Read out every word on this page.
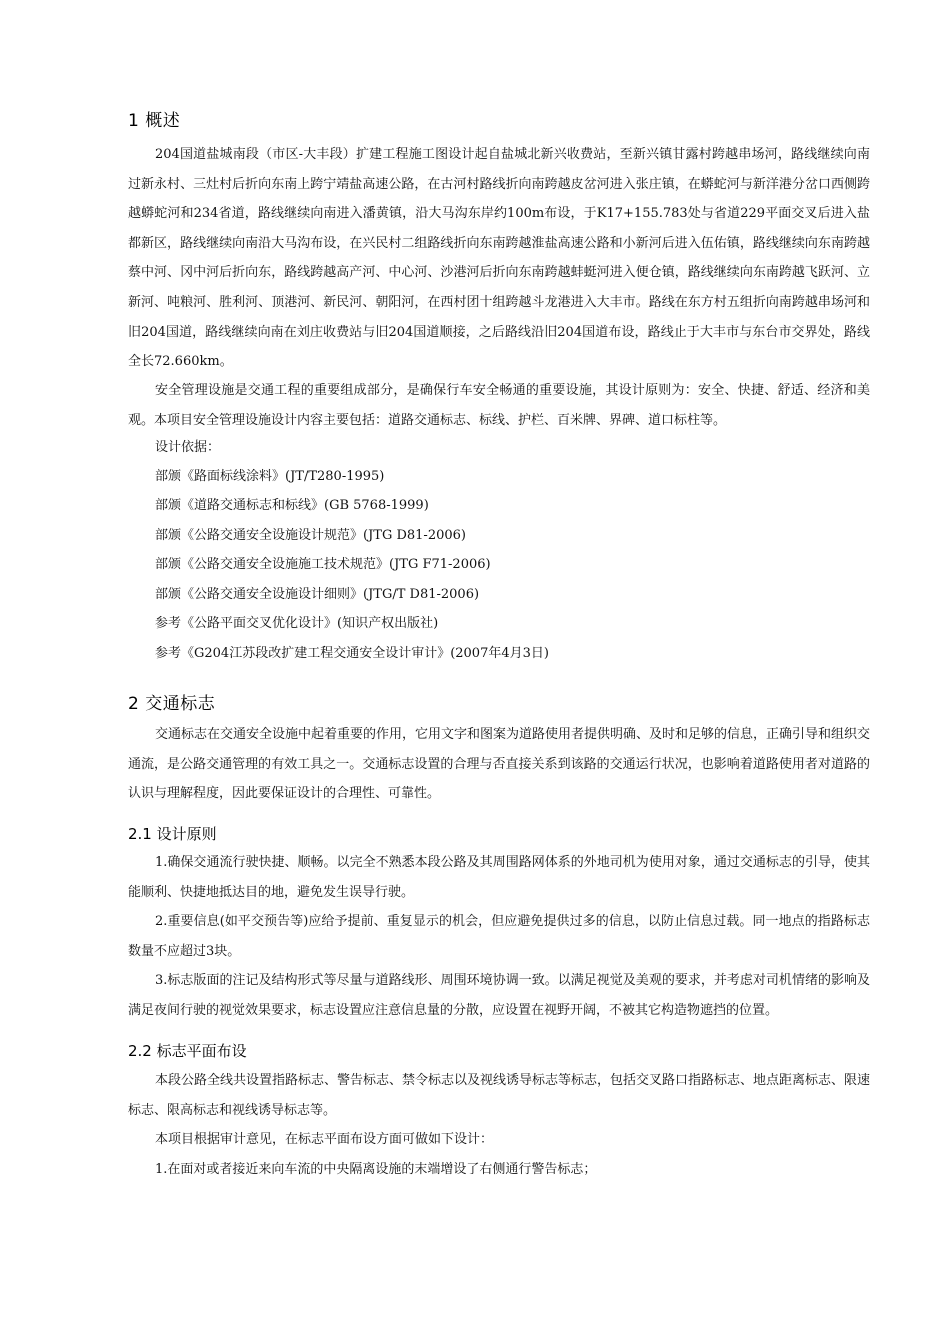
1 概述

204国道盐城南段（市区-大丰段）扩建工程施工图设计起自盐城北新兴收费站，至新兴镇甘露村跨越串场河，路线继续向南过新永村、三灶村后折向东南上跨宁靖盐高速公路，在古河村路线折向南跨越皮岔河进入张庄镇，在蟒蛇河与新洋港分岔口西侧跨越蟒蛇河和234省道，路线继续向南进入潘黄镇，沿大马沟东岸约100m布设，于K17+155.783处与省道229平面交叉后进入盐都新区，路线继续向南沿大马沟布设，在兴民村二组路线折向东南跨越淮盐高速公路和小新河后进入伍佑镇，路线继续向东南跨越蔡中河、冈中河后折向东，路线跨越高产河、中心河、沙港河后折向东南跨越蚌蜓河进入便仓镇，路线继续向东南跨越飞跃河、立新河、吨粮河、胜利河、顶港河、新民河、朝阳河，在西村团十组跨越斗龙港进入大丰市。路线在东方村五组折向南跨越串场河和旧204国道，路线继续向南在刘庄收费站与旧204国道顺接，之后路线沿旧204国道布设，路线止于大丰市与东台市交界处，路线全长72.660km。

安全管理设施是交通工程的重要组成部分，是确保行车安全畅通的重要设施，其设计原则为：安全、快捷、舒适、经济和美观。本项目安全管理设施设计内容主要包括：道路交通标志、标线、护栏、百米牌、界碑、道口标柱等。

设计依据：
部颁《路面标线涂料》(JT/T280-1995)
部颁《道路交通标志和标线》(GB 5768-1999)
部颁《公路交通安全设施设计规范》(JTG D81-2006)
部颁《公路交通安全设施施工技术规范》(JTG F71-2006)
部颁《公路交通安全设施设计细则》(JTG/T D81-2006)
参考《公路平面交叉优化设计》(知识产权出版社)
参考《G204江苏段改扩建工程交通安全设计审计》(2007年4月3日)
2 交通标志

交通标志在交通安全设施中起着重要的作用，它用文字和图案为道路使用者提供明确、及时和足够的信息，正确引导和组织交通流，是公路交通管理的有效工具之一。交通标志设置的合理与否直接关系到该路的交通运行状况，也影响着道路使用者对道路的认识与理解程度，因此要保证设计的合理性、可靠性。

2.1 设计原则

1.确保交通流行驶快捷、顺畅。以完全不熟悉本段公路及其周围路网体系的外地司机为使用对象，通过交通标志的引导，使其能顺利、快捷地抵达目的地，避免发生误导行驶。

2.重要信息(如平交预告等)应给予提前、重复显示的机会，但应避免提供过多的信息，以防止信息过载。同一地点的指路标志数量不应超过3块。

3.标志版面的注记及结构形式等尽量与道路线形、周围环境协调一致。以满足视觉及美观的要求，并考虑对司机情绪的影响及满足夜间行驶的视觉效果要求，标志设置应注意信息量的分散，应设置在视野开阔，不被其它构造物遮挡的位置。

2.2 标志平面布设

本段公路全线共设置指路标志、警告标志、禁令标志以及视线诱导标志等标志，包括交叉路口指路标志、地点距离标志、限速标志、限高标志和视线诱导标志等。

本项目根据审计意见，在标志平面布设方面可做如下设计：

1.在面对或者接近来向车流的中央隔离设施的末端增设了右侧通行警告标志；
